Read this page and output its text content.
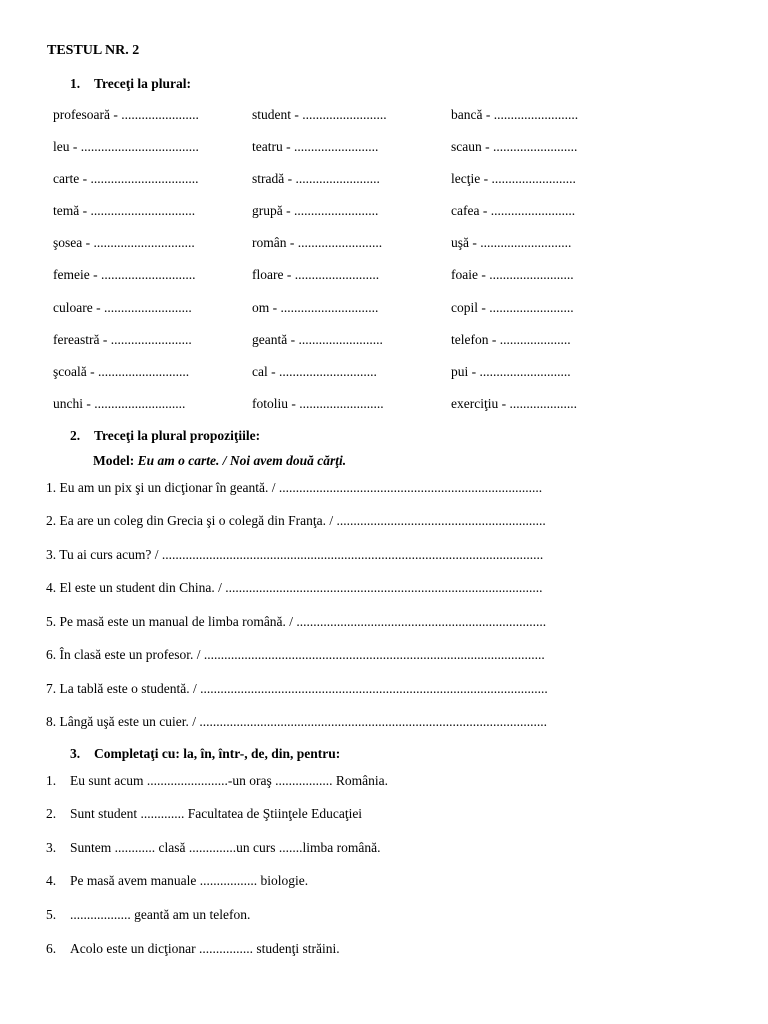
TESTUL NR. 2
1. Treceţi la plural:
profesoară - .......................	student - .........................	bancă - .........................
leu - ...................................	teatru - .........................	scaun - .........................
carte - ................................	stradă - .........................	lecţie - .........................
temă - ...............................	grupă - .........................	cafea - .........................
şosea - ..............................	român - .........................	uşă - ...........................
femeie - ............................	floare - .........................	foaie - .........................
culoare - ..........................	om - .............................	copil - .........................
fereastră - ........................	geantă - .........................	telefon - .....................
şcoală - ...........................	cal - .............................	pui - ...........................
unchi - ...........................	fotoliu - .........................	exerciţiu - ....................
2. Treceţi la plural propoziţiile:
Model: Eu am o carte. / Noi avem două cărţi.
1. Eu am un pix şi un dicţionar în geantă. / ..............................................................................
2. Ea are un coleg din Grecia şi o colegă din Franţa. / ..............................................................
3. Tu ai curs acum? / .................................................................................................................
4. El este un student din China. / ..............................................................................................
5. Pe masă este un manual de limba română. / ..........................................................................
6. În clasă este un profesor. / .....................................................................................................
7. La tablă este o studentă. / .......................................................................................................
8. Lângă uşă este un cuier. / .......................................................................................................
3. Completaţi cu: la, în, într-, de, din, pentru:
1. Eu sunt acum ........................-un oraş ................. România.
2. Sunt student ............. Facultatea de Ştiinţele Educaţiei
3. Suntem ............ clasă ..............un curs .......limba română.
4. Pe masă avem manuale ................. biologie.
5. .................. geantă am un telefon.
6. Acolo este un dicţionar ................ studenţi străini.
